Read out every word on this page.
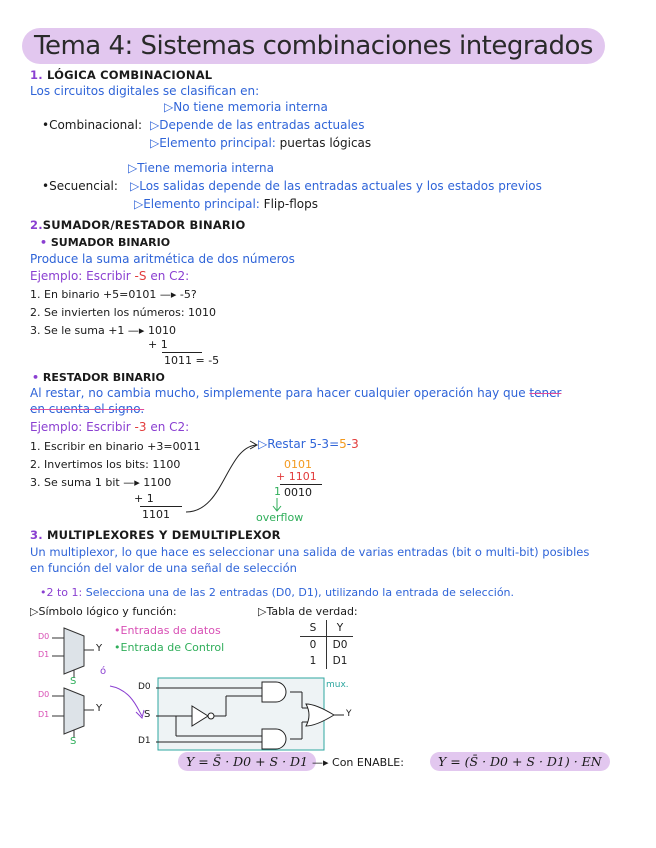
Tema 4: Sistemas combinaciones integrados
1. LÓGICA COMBINACIONAL
Los circuitos digitales se clasifican en:
▷No tiene memoria interna
•Combinacional: ▷Depende de las entradas actuales
▷Elemento principal: puertas lógicas
▷Tiene memoria interna
•Secuencial: ▷Los salidas depende de las entradas actuales y los estados previos
▷Elemento principal: Flip-flops
2.SUMADOR/RESTADOR BINARIO
• SUMADOR BINARIO
Produce la suma aritmética de dos números
Ejemplo: Escribir -S en C2:
1. En binario +5=0101 —▸ -5?
2. Se invierten los números: 1010
3. Se le suma +1 —▸ 1010
+ 1
1011 = -5
• RESTADOR BINARIO
Al restar, no cambia mucho, simplemente para hacer cualquier operación hay que tener
en cuenta el signo.
Ejemplo: Escribir -3 en C2:
1. Escribir en binario +3=0011
2. Invertimos los bits: 1100
3. Se suma 1 bit —▸ 1100
+ 1
1101
▷Restar 5-3=5-3
0101
+ 1101
1 0010
overflow
3. MULTIPLEXORES Y DEMULTIPLEXOR
Un multiplexor, lo que hace es seleccionar una salida de varias entradas (bit o multi-bit) posibles
en función del valor de una señal de selección
•2 to 1: Selecciona una de las 2 entradas (D0, D1), utilizando la entrada de selección.
▷Símbolo lógico y función:	▷Tabla de verdad:
S	Y
0	D0
1	D1
•Entradas de datos
•Entrada de Control
D0
D1
Y
S
ó
D0
D1
Y
S
D0
S
D1
Y
mux.
Y = S̄ · D0 + S · D1 —▸ Con ENABLE:	Y = (S̄ · D0 + S · D1) · EN
